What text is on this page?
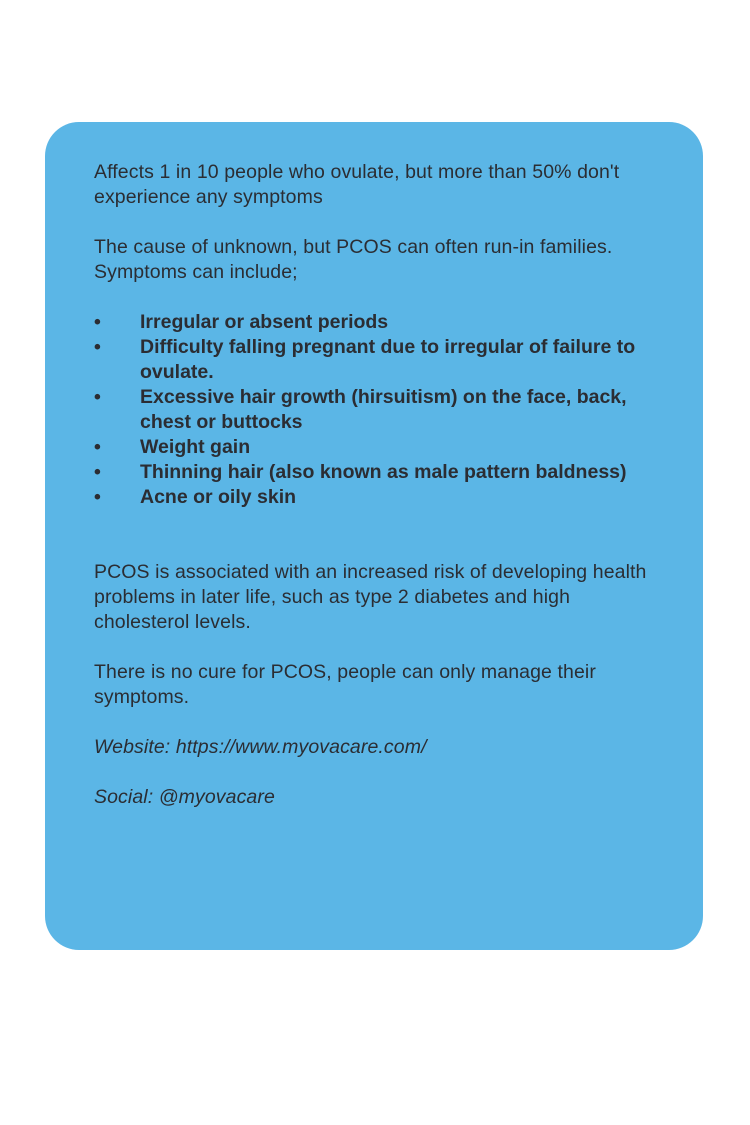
Affects 1 in 10 people who ovulate, but more than 50% don't experience any symptoms

The cause of unknown, but PCOS can often run-in families. Symptoms can include;

•	Irregular or absent periods
•	Difficulty falling pregnant due to irregular of failure to ovulate.
•	Excessive hair growth (hirsuitism) on the face, back, chest or buttocks
•	Weight gain
•	Thinning hair (also known as male pattern baldness)
•	Acne or oily skin

PCOS is associated with an increased risk of developing health problems in later life, such as type 2 diabetes and high cholesterol levels.

There is no cure for PCOS, people can only manage their symptoms.

Website: https://www.myovacare.com/

Social: @myovacare
